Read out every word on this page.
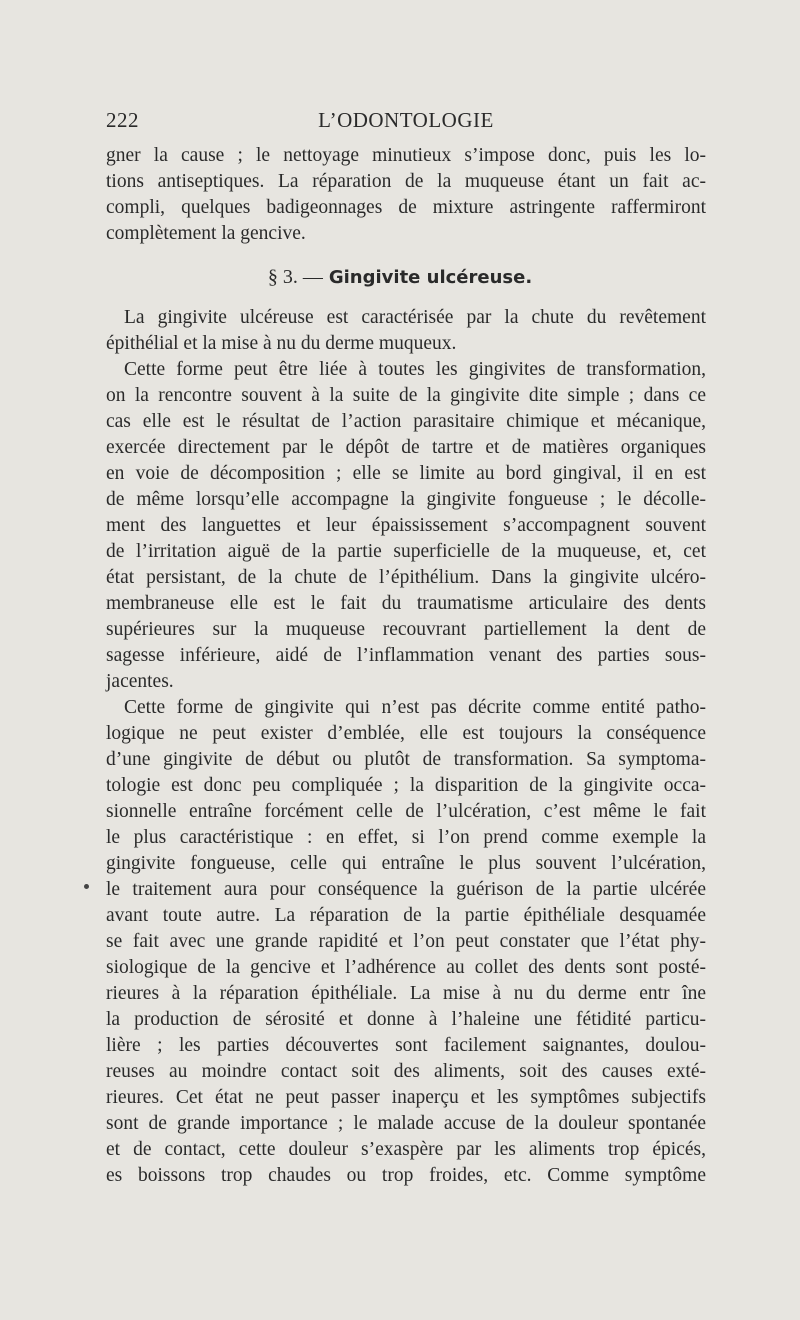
222	L’ODONTOLOGIE
gner la cause ; le nettoyage minutieux s’impose donc, puis les lo-
tions antiseptiques. La réparation de la muqueuse étant un fait ac-
compli, quelques badigeonnages de mixture astringente raffermiront
complètement la gencive.
§ 3. — Gingivite ulcéreuse.
La gingivite ulcéreuse est caractérisée par la chute du revêtement
épithélial et la mise à nu du derme muqueux.
Cette forme peut être liée à toutes les gingivites de transformation,
on la rencontre souvent à la suite de la gingivite dite simple ; dans ce
cas elle est le résultat de l’action parasitaire chimique et mécanique,
exercée directement par le dépôt de tartre et de matières organiques
en voie de décomposition ; elle se limite au bord gingival, il en est
de même lorsqu’elle accompagne la gingivite fongueuse ; le décolle-
ment des languettes et leur épaississement s’accompagnent souvent
de l’irritation aiguë de la partie superficielle de la muqueuse, et, cet
état persistant, de la chute de l’épithélium. Dans la gingivite ulcéro-
membraneuse elle est le fait du traumatisme articulaire des dents
supérieures sur la muqueuse recouvrant partiellement la dent de
sagesse inférieure, aidé de l’inflammation venant des parties sous-
jacentes.
Cette forme de gingivite qui n’est pas décrite comme entité patho-
logique ne peut exister d’emblée, elle est toujours la conséquence
d’une gingivite de début ou plutôt de transformation. Sa symptoma-
tologie est donc peu compliquée ; la disparition de la gingivite occa-
sionnelle entraîne forcément celle de l’ulcération, c’est même le fait
le plus caractéristique : en effet, si l’on prend comme exemple la
gingivite fongueuse, celle qui entraîne le plus souvent l’ulcération,
le traitement aura pour conséquence la guérison de la partie ulcérée
avant toute autre. La réparation de la partie épithéliale desquamée
se fait avec une grande rapidité et l’on peut constater que l’état phy-
siologique de la gencive et l’adhérence au collet des dents sont posté-
rieures à la réparation épithéliale. La mise à nu du derme entr îne
la production de sérosité et donne à l’haleine une fétidité particu-
lière ; les parties découvertes sont facilement saignantes, doulou-
reuses au moindre contact soit des aliments, soit des causes exté-
rieures. Cet état ne peut passer inaperçu et les symptômes subjectifs
sont de grande importance ; le malade accuse de la douleur spontanée
et de contact, cette douleur s’exaspère par les aliments trop épicés,
es boissons trop chaudes ou trop froides, etc. Comme symptôme
